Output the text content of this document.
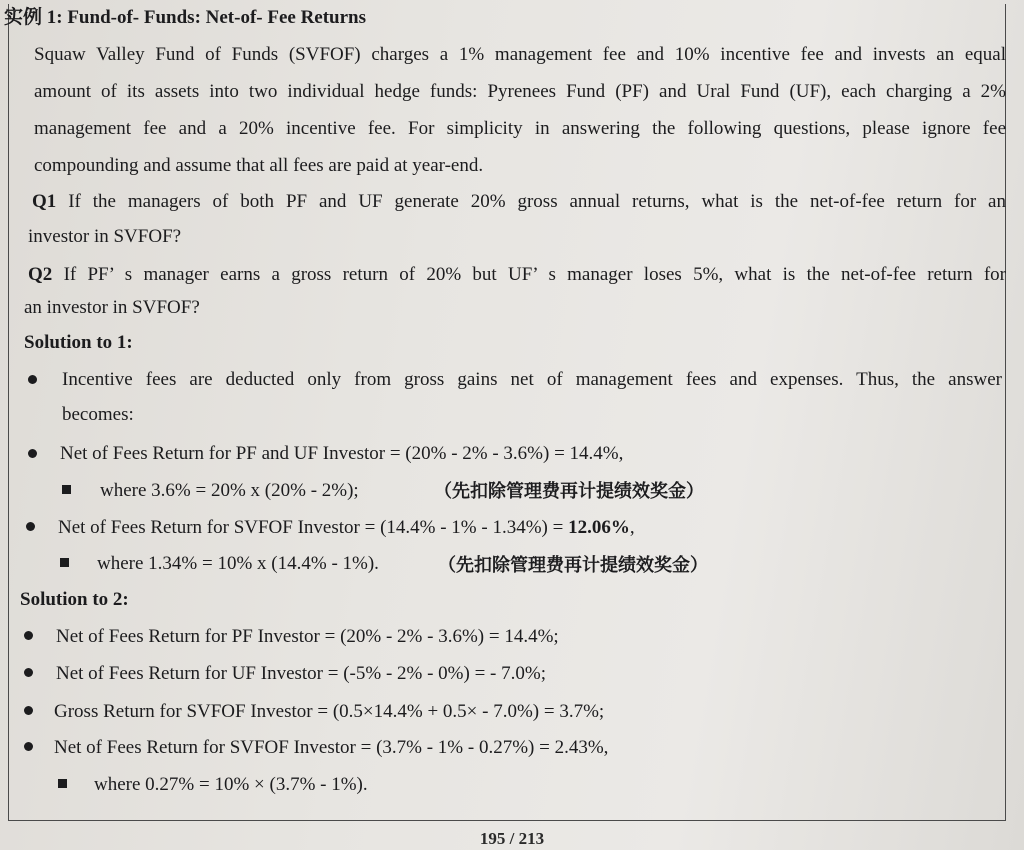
实例 1: Fund-of- Funds: Net-of- Fee Returns
Squaw Valley Fund of Funds (SVFOF) charges a 1% management fee and 10% incentive fee and invests an equal
amount of its assets into two individual hedge funds: Pyrenees Fund (PF) and Ural Fund (UF), each charging a 2%
management fee and a 20% incentive fee. For simplicity in answering the following questions, please ignore fee
compounding and assume that all fees are paid at year-end.
Q1 If the managers of both PF and UF generate 20% gross annual returns, what is the net-of-fee return for an
investor in SVFOF?
Q2 If PF’ s manager earns a gross return of 20% but UF’ s manager loses 5%, what is the net-of-fee return for
an investor in SVFOF?
Solution to 1:
Incentive fees are deducted only from gross gains net of management fees and expenses. Thus, the answer
becomes:
Net of Fees Return for PF and UF Investor = (20% - 2% - 3.6%) = 14.4%,
where 3.6% = 20% x (20% - 2%);	（先扣除管理费再计提绩效奖金）
Net of Fees Return for SVFOF Investor = (14.4% - 1% - 1.34%) = 12.06%,
where 1.34% = 10% x (14.4% - 1%).	（先扣除管理费再计提绩效奖金）
Solution to 2:
Net of Fees Return for PF Investor = (20% - 2% - 3.6%) = 14.4%;
Net of Fees Return for UF Investor = (-5% - 2% - 0%) = - 7.0%;
Gross Return for SVFOF Investor = (0.5×14.4% + 0.5× - 7.0%) = 3.7%;
Net of Fees Return for SVFOF Investor = (3.7% - 1% - 0.27%) = 2.43%,
where 0.27% = 10% × (3.7% - 1%).
195 / 213
